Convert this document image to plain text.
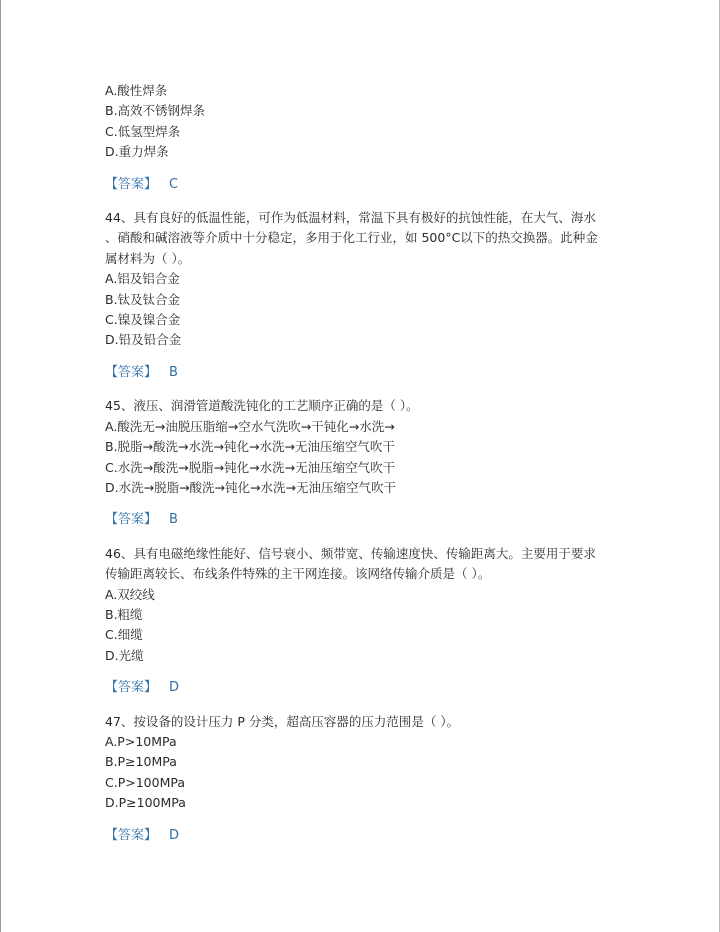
A.酸性焊条
B.高效不锈钢焊条
C.低氢型焊条
D.重力焊条
【答案】 C
44、具有良好的低温性能，可作为低温材料，常温下具有极好的抗蚀性能，在大气、海水
、硝酸和碱溶液等介质中十分稳定，多用于化工行业，如 500°C以下的热交换器。此种金
属材料为（ ）。
A.铝及铝合金
B.钛及钛合金
C.镍及镍合金
D.铅及铅合金
【答案】 B
45、液压、润滑管道酸洗钝化的工艺顺序正确的是（ ）。
A.酸洗无→油脱压脂缩→空水气洗吹→干钝化→水洗→
B.脱脂→酸洗→水洗→钝化→水洗→无油压缩空气吹干
C.水洗→酸洗→脱脂→钝化→水洗→无油压缩空气吹干
D.水洗→脱脂→酸洗→钝化→水洗→无油压缩空气吹干
【答案】 B
46、具有电磁绝缘性能好、信号衰小、频带宽、传输速度快、传输距离大。主要用于要求
传输距离较长、布线条件特殊的主干网连接。该网络传输介质是（ ）。
A.双绞线
B.粗缆
C.细缆
D.光缆
【答案】 D
47、按设备的设计压力 P 分类，超高压容器的压力范围是（ ）。
A.P>10MPa
B.P≥10MPa
C.P>100MPa
D.P≥100MPa
【答案】 D
